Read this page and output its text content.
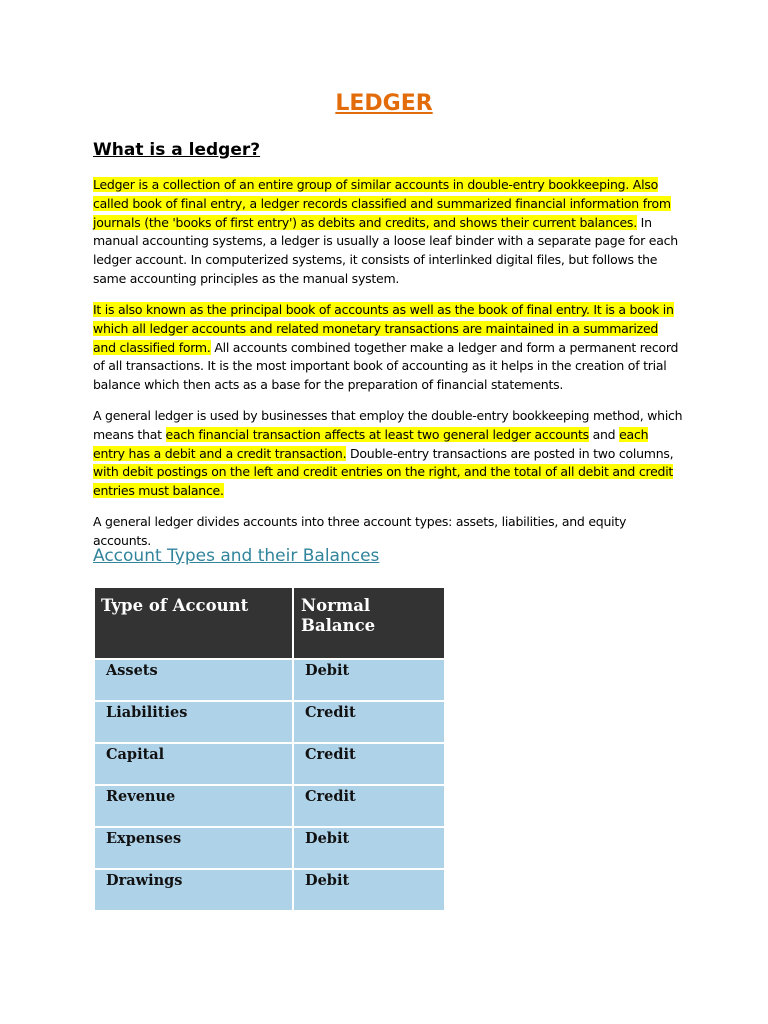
LEDGER
What is a ledger?
Ledger is a collection of an entire group of similar accounts in double-entry bookkeeping. Also called book of final entry, a ledger records classified and summarized financial information from journals (the 'books of first entry') as debits and credits, and shows their current balances. In manual accounting systems, a ledger is usually a loose leaf binder with a separate page for each ledger account. In computerized systems, it consists of interlinked digital files, but follows the same accounting principles as the manual system.
It is also known as the principal book of accounts as well as the book of final entry. It is a book in which all ledger accounts and related monetary transactions are maintained in a summarized and classified form. All accounts combined together make a ledger and form a permanent record of all transactions. It is the most important book of accounting as it helps in the creation of trial balance which then acts as a base for the preparation of financial statements.
A general ledger is used by businesses that employ the double-entry bookkeeping method, which means that each financial transaction affects at least two general ledger accounts and each entry has a debit and a credit transaction. Double-entry transactions are posted in two columns, with debit postings on the left and credit entries on the right, and the total of all debit and credit entries must balance.
A general ledger divides accounts into three account types: assets, liabilities, and equity accounts.
Account Types and their Balances
Type of Account	Normal Balance
Assets	Debit
Liabilities	Credit
Capital	Credit
Revenue	Credit
Expenses	Debit
Drawings	Debit
